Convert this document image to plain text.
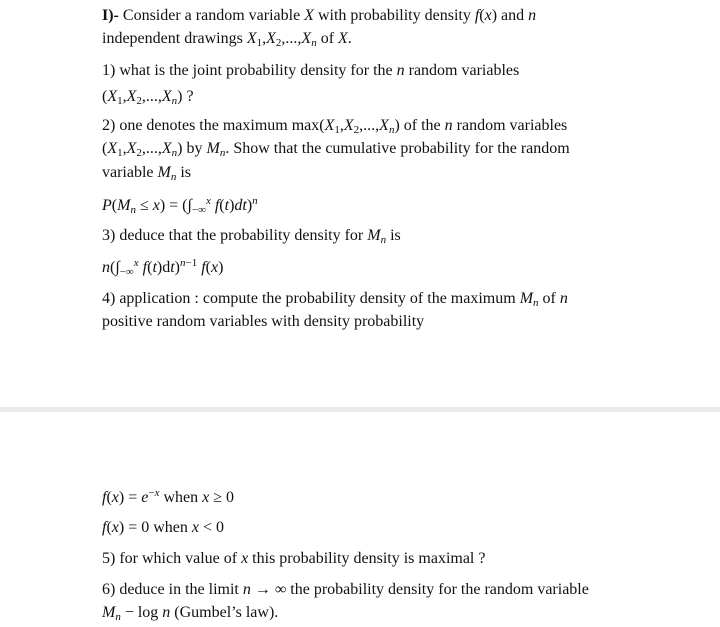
I)- Consider a random variable X with probability density f(x) and n
independent drawings $X_1,X_2,...,X_n$ of X.
1) what is the joint probability density for the n random variables
$(X_1,X_2,...,X_n)$ ?
2) one denotes the maximum $\max(X_1,X_2,...,X_n)$ of the n random variables
$(X_1,X_2,...,X_n)$ by $M_n$. Show that the cumulative probability for the random
variable $M_n$ is
$P(M_n \le x) = (\int_{-\infty}^x$ f(t)dt)$^n$
3) deduce that the probability density for $M_n$ is
$n(\int_{-\infty}^x$ f(t)dt)$^{n-1}$ f(x)
4) application : compute the probability density of the maximum $M_n$ of n
positive random variables with density probability
$f(x) = e^{-x}$ when x ≥ 0
f(x) = 0 when x < 0
5) for which value of x this probability density is maximal ?
6) deduce in the limit n → ∞ the probability density for the random variable
$M_n - \log n$ (Gumbel’s law).
